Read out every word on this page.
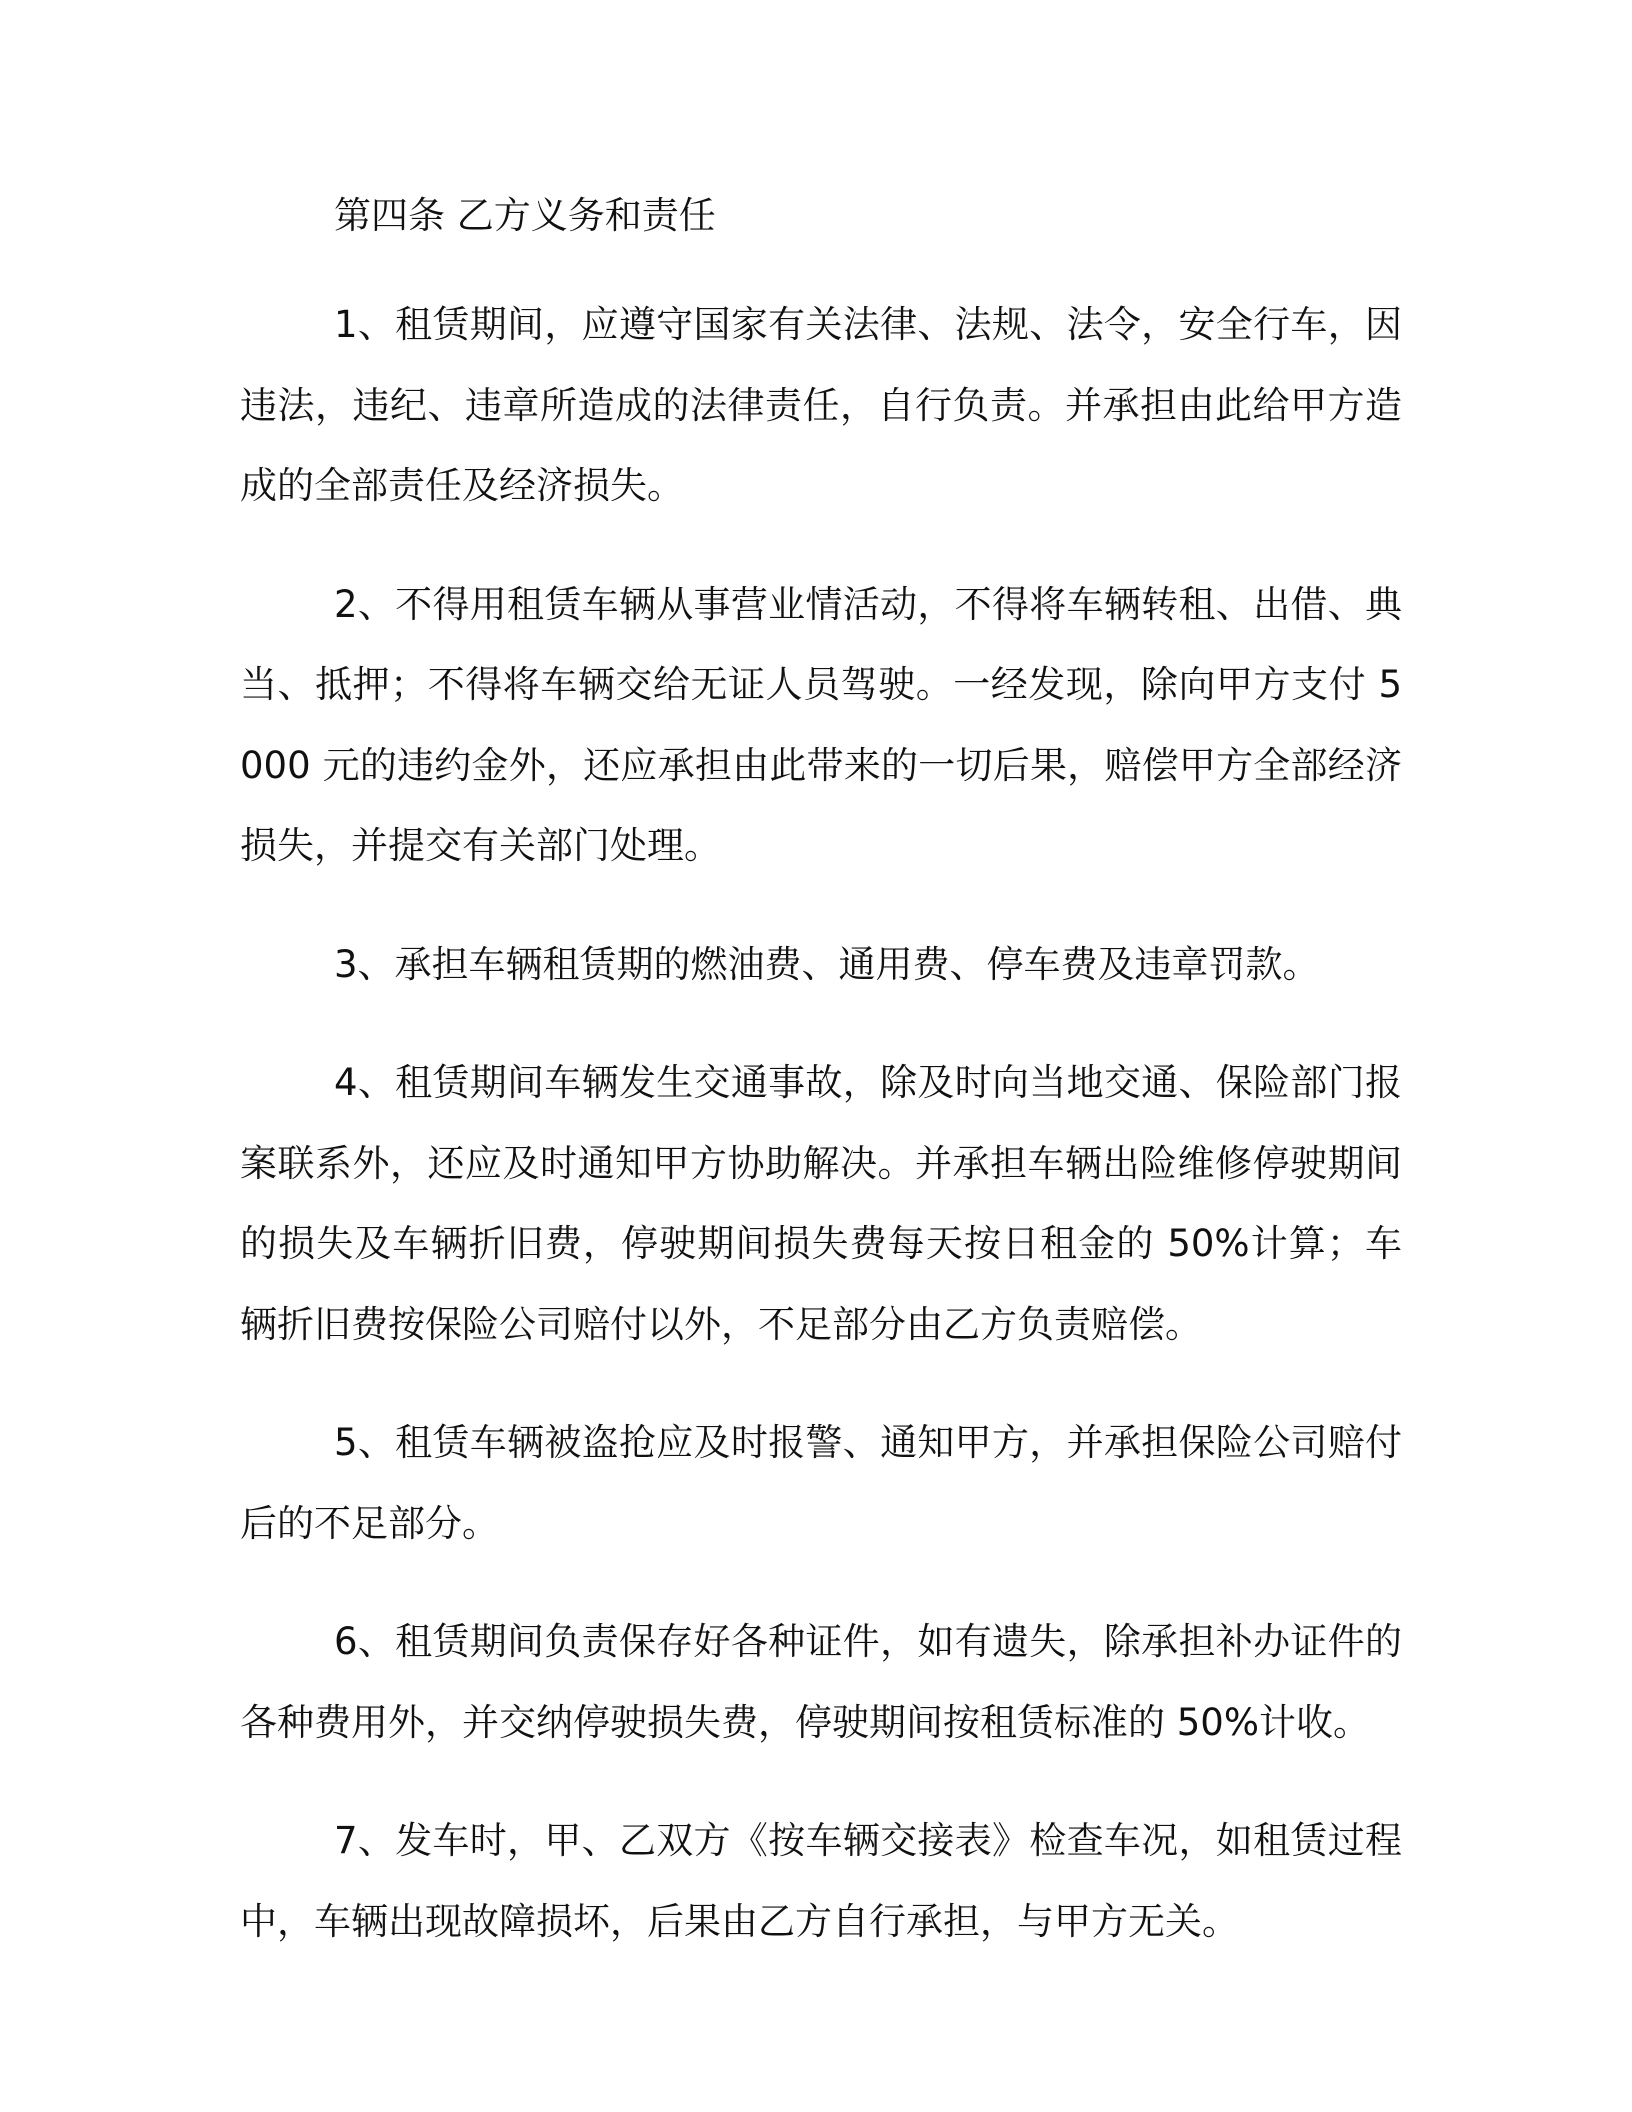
第四条 乙方义务和责任

1、租赁期间，应遵守国家有关法律、法规、法令，安全行车，因违法，违纪、违章所造成的法律责任，自行负责。并承担由此给甲方造成的全部责任及经济损失。

2、不得用租赁车辆从事营业情活动，不得将车辆转租、出借、典当、抵押；不得将车辆交给无证人员驾驶。一经发现，除向甲方支付 5000 元的违约金外，还应承担由此带来的一切后果，赔偿甲方全部经济损失，并提交有关部门处理。

3、承担车辆租赁期的燃油费、通用费、停车费及违章罚款。

4、租赁期间车辆发生交通事故，除及时向当地交通、保险部门报案联系外，还应及时通知甲方协助解决。并承担车辆出险维修停驶期间的损失及车辆折旧费，停驶期间损失费每天按日租金的 50%计算；车辆折旧费按保险公司赔付以外，不足部分由乙方负责赔偿。

5、租赁车辆被盗抢应及时报警、通知甲方，并承担保险公司赔付后的不足部分。

6、租赁期间负责保存好各种证件，如有遗失，除承担补办证件的各种费用外，并交纳停驶损失费，停驶期间按租赁标准的 50%计收。

7、发车时，甲、乙双方《按车辆交接表》检查车况，如租赁过程中，车辆出现故障损坏，后果由乙方自行承担，与甲方无关。
